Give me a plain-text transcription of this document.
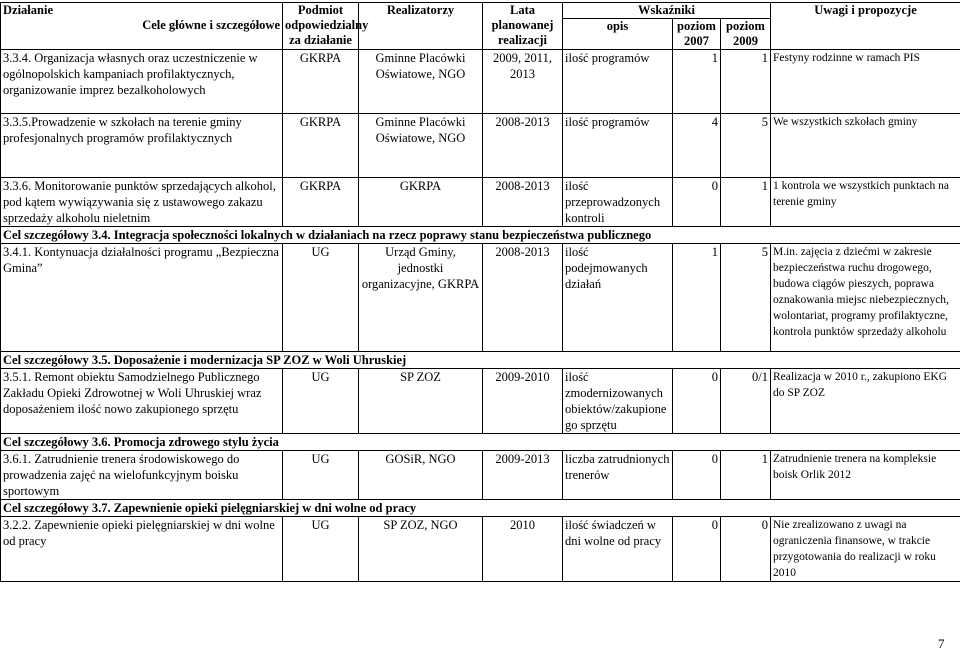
Działanie
Cele główne i szczegółowe	Podmiot odpowiedzialny za działanie	Realizatorzy	Lata planowanej realizacji	Wskaźniki			Uwagi i propozycje
				opis	poziom 2007	poziom 2009	
3.3.4. Organizacja własnych oraz uczestniczenie w ogólnopolskich kampaniach profilaktycznych, organizowanie imprez bezalkoholowych	GKRPA	Gminne Placówki Oświatowe, NGO	2009, 2011, 2013	ilość programów	1	1	Festyny rodzinne w ramach PIS
3.3.5.Prowadzenie w szkołach na terenie gminy profesjonalnych programów profilaktycznych	GKRPA	Gminne Placówki Oświatowe, NGO	2008-2013	ilość programów	4	5	We wszystkich szkołach gminy
3.3.6. Monitorowanie punktów sprzedających alkohol, pod kątem wywiązywania się z ustawowego zakazu sprzedaży alkoholu nieletnim	GKRPA	GKRPA	2008-2013	ilość przeprowadzonych kontroli	0	1	1 kontrola we wszystkich punktach na terenie gminy
Cel szczegółowy 3.4. Integracja społeczności lokalnych w działaniach na rzecz poprawy stanu bezpieczeństwa publicznego							
3.4.1. Kontynuacja działalności programu „Bezpieczna Gmina”	UG	Urząd Gminy, jednostki organizacyjne, GKRPA	2008-2013	ilość podejmowanych działań	1	5	M.in. zajęcia z dziećmi w zakresie bezpieczeństwa ruchu drogowego, budowa ciągów pieszych, poprawa oznakowania miejsc niebezpiecznych, wolontariat, programy profilaktyczne, kontrola punktów sprzedaży alkoholu
Cel szczegółowy 3.5. Doposażenie i modernizacja SP ZOZ w Woli Uhruskiej							
3.5.1. Remont obiektu Samodzielnego Publicznego Zakładu Opieki Zdrowotnej w Woli Uhruskiej wraz doposażeniem ilość nowo zakupionego sprzętu	UG	SP ZOZ	2009-2010	ilość zmodernizowanych obiektów/zakupione go sprzętu	0	0/1	Realizacja w 2010 r., zakupiono EKG do SP ZOZ
Cel szczegółowy 3.6. Promocja zdrowego stylu życia							
3.6.1. Zatrudnienie trenera środowiskowego do prowadzenia zajęć na wielofunkcyjnym boisku sportowym	UG	GOSiR, NGO	2009-2013	liczba zatrudnionych trenerów	0	1	Zatrudnienie trenera na kompleksie boisk Orlik 2012
Cel szczegółowy 3.7. Zapewnienie opieki pielęgniarskiej w dni wolne od pracy							
3.2.2. Zapewnienie opieki pielęgniarskiej w dni wolne od pracy	UG	SP ZOZ, NGO	2010	ilość świadczeń w dni wolne od pracy	0	0	Nie zrealizowano z uwagi na ograniczenia finansowe, w trakcie przygotowania do realizacji w roku 2010
7
